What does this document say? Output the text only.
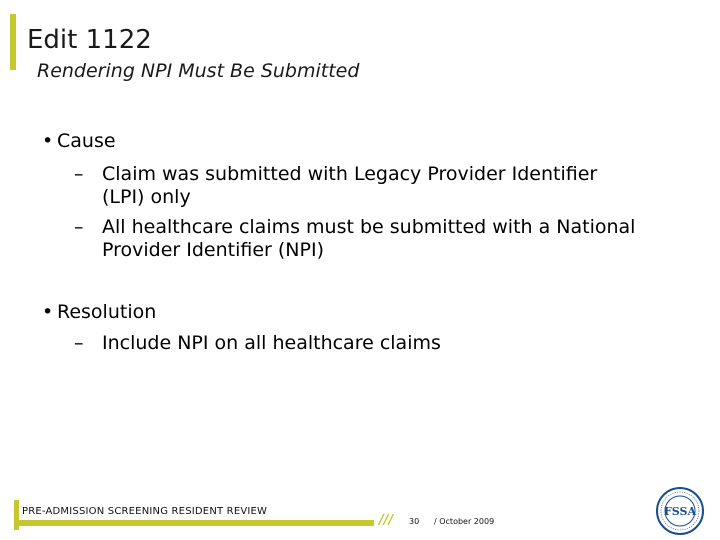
Edit 1122
Rendering NPI Must Be Submitted
• Cause
– Claim was submitted with Legacy Provider Identifier
(LPI) only
– All healthcare claims must be submitted with a National
Provider Identifier (NPI)
• Resolution
– Include NPI on all healthcare claims
PRE-ADMISSION SCREENING RESIDENT REVIEW
/// 30 / October 2009
FSSA
